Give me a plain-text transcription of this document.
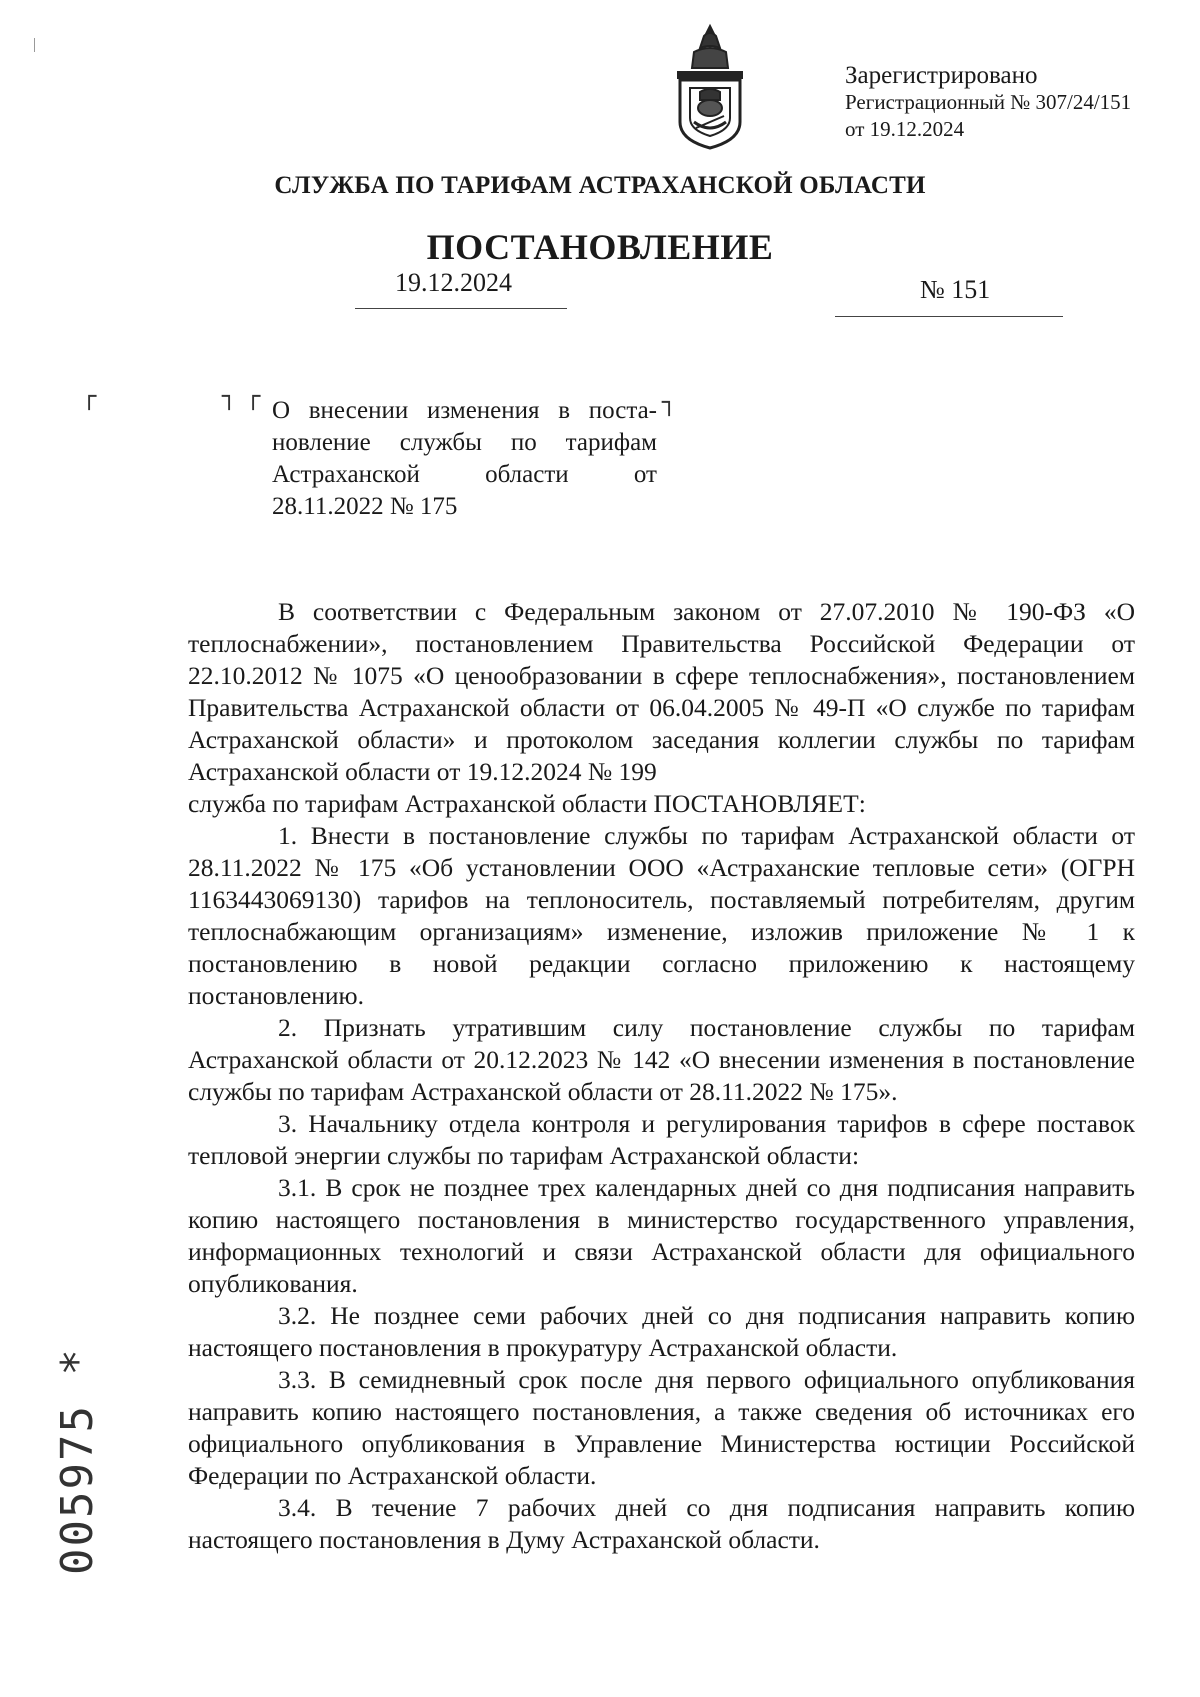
Зарегистрировано
Регистрационный № 307/24/151
от 19.12.2024
СЛУЖБА ПО ТАРИФАМ АСТРАХАНСКОЙ ОБЛАСТИ
ПОСТАНОВЛЕНИЕ
19.12.2024	№ 151
┌	┐ ┌	┐
О внесении изменения в поста-
новление службы по тарифам
Астраханской области от
28.11.2022 № 175

В соответствии с Федеральным законом от 27.07.2010 № 190-ФЗ «О теплоснабжении», постановлением Правительства Российской Федерации от 22.10.2012 № 1075 «О ценообразовании в сфере теплоснабжения», постановлением Правительства Астраханской области от 06.04.2005 № 49-П «О службе по тарифам Астраханской области» и протоколом заседания коллегии службы по тарифам Астраханской области от 19.12.2024 № 199

служба по тарифам Астраханской области ПОСТАНОВЛЯЕТ:

1. Внести в постановление службы по тарифам Астраханской области от 28.11.2022 № 175 «Об установлении ООО «Астраханские тепловые сети» (ОГРН 1163443069130) тарифов на теплоноситель, поставляемый потребителям, другим теплоснабжающим организациям» изменение, изложив приложение № 1 к постановлению в новой редакции согласно приложению к настоящему постановлению.

2. Признать утратившим силу постановление службы по тарифам Астраханской области от 20.12.2023 № 142 «О внесении изменения в постановление службы по тарифам Астраханской области от 28.11.2022 № 175».

3. Начальнику отдела контроля и регулирования тарифов в сфере поставок тепловой энергии службы по тарифам Астраханской области:

3.1. В срок не позднее трех календарных дней со дня подписания направить копию настоящего постановления в министерство государственного управления, информационных технологий и связи Астраханской области для официального опубликования.

3.2. Не позднее семи рабочих дней со дня подписания направить копию настоящего постановления в прокуратуру Астраханской области.

3.3. В семидневный срок после дня первого официального опубликования направить копию настоящего постановления, а также сведения об источниках его официального опубликования в Управление Министерства юстиции Российской Федерации по Астраханской области.

3.4. В течение 7 рабочих дней со дня подписания направить копию настоящего постановления в Думу Астраханской области.

005975 *
